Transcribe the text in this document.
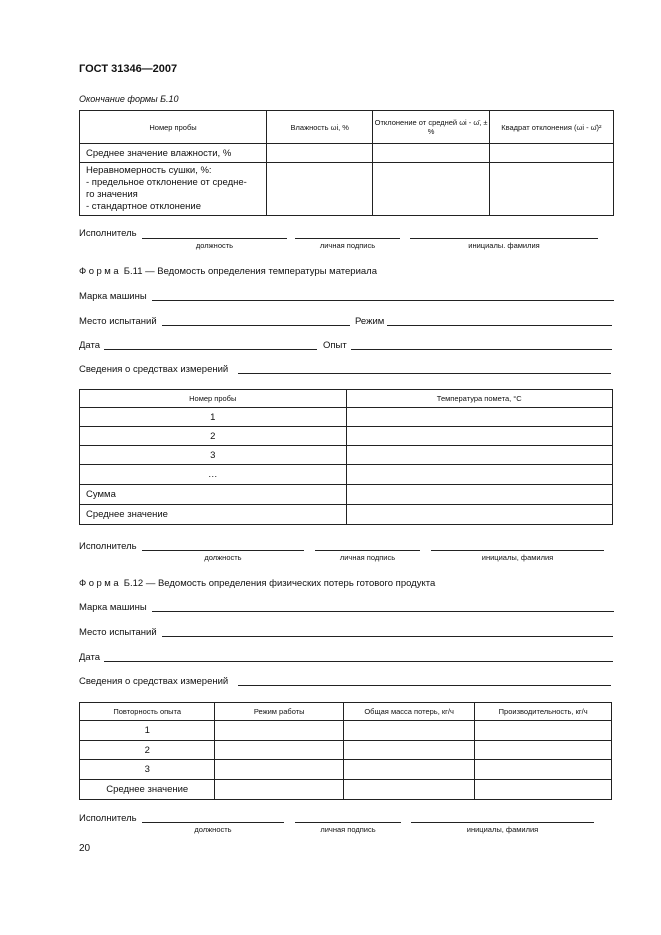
ГОСТ 31346—2007
Окончание формы Б.10
Номер пробы	Влажность ωi, %	Отклонение от средней ωi - ω̄, ± %	Квадрат отклонения (ωi - ω̄)²
Среднее значение влажности, %			
Неравномерность сушки, %:
- предельное отклонение от средне-
го значения
- стандартное отклонение			
Исполнитель
должность	личная подпись	инициалы. фамилия
Форма Б.11 — Ведомость определения температуры материала
Марка машины
Место испытаний	Режим
Дата	Опыт
Сведения о средствах измерений
Номер пробы	Температура помета, °С
1	
2	
3	
…	
Сумма	
Среднее значение	
Исполнитель
должность	личная подпись	инициалы, фамилия
Форма Б.12 — Ведомость определения физических потерь готового продукта
Марка машины
Место испытаний
Дата
Сведения о средствах измерений
Повторность опыта	Режим работы	Общая масса потерь, кг/ч	Производительность, кг/ч
1			
2			
3			
Среднее значение			
Исполнитель
должность	личная подпись	инициалы, фамилия
20
